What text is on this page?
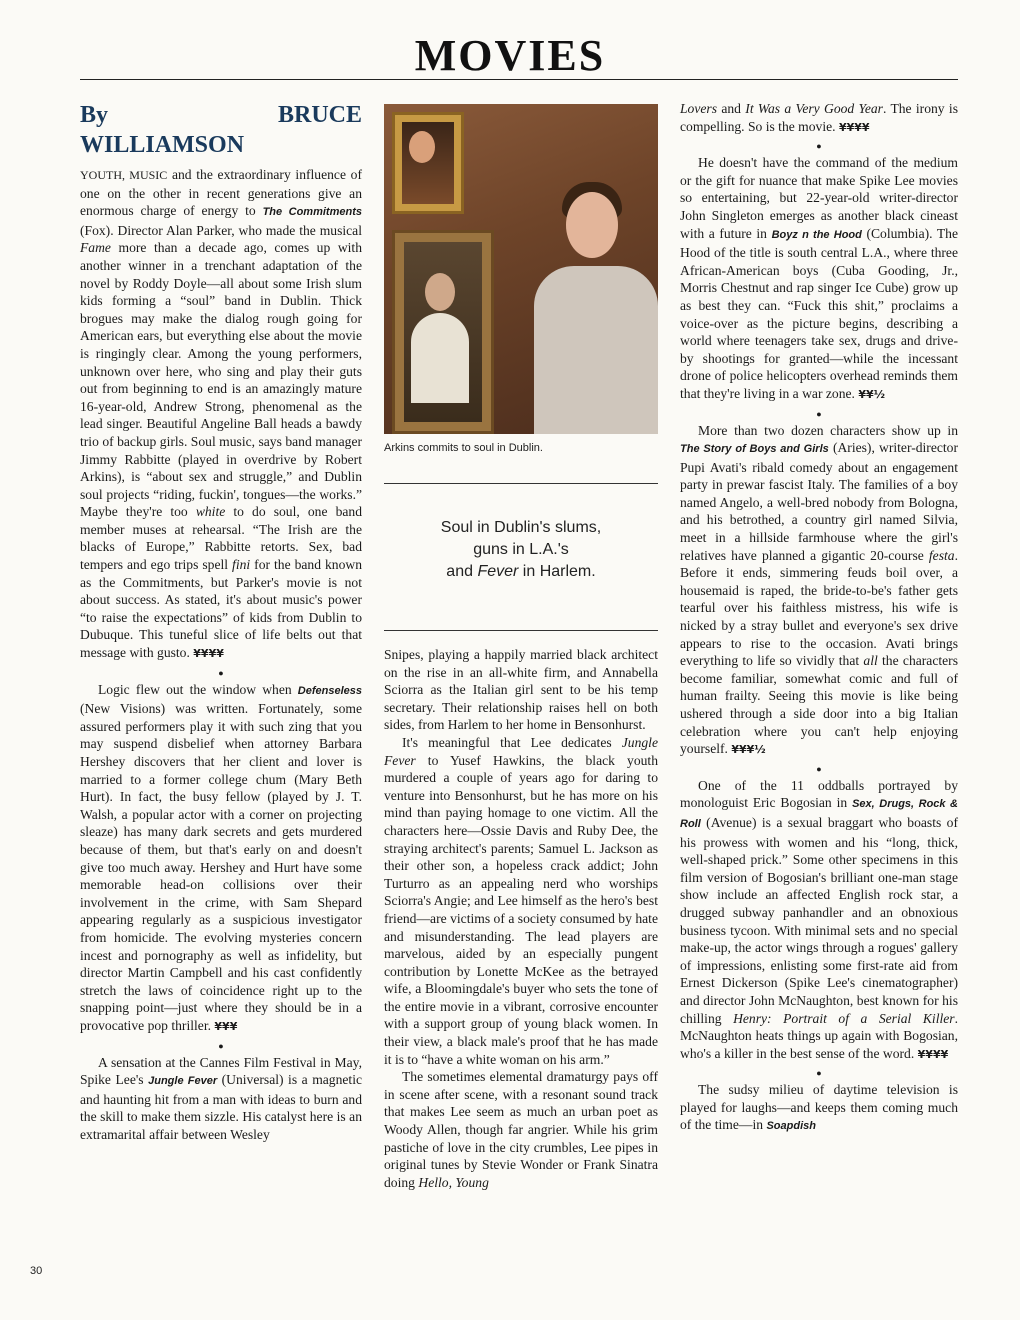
MOVIES
By BRUCE WILLIAMSON

YOUTH, MUSIC and the extraordinary influence of one on the other in recent generations give an enormous charge of energy to The Commitments (Fox). Director Alan Parker, who made the musical Fame more than a decade ago, comes up with another winner in a trenchant adaptation of the novel by Roddy Doyle—all about some Irish slum kids forming a “soul” band in Dublin. Thick brogues may make the dialog rough going for American ears, but everything else about the movie is ringingly clear. Among the young performers, unknown over here, who sing and play their guts out from beginning to end is an amazingly mature 16-year-old, Andrew Strong, phenomenal as the lead singer. Beautiful Angeline Ball heads a bawdy trio of backup girls. Soul music, says band manager Jimmy Rabbitte (played in overdrive by Robert Arkins), is “about sex and struggle,” and Dublin soul projects “riding, fuckin', tongues—the works.” Maybe they're too white to do soul, one band member muses at rehearsal. “The Irish are the blacks of Europe,” Rabbitte retorts. Sex, bad tempers and ego trips spell fini for the band known as the Commitments, but Parker's movie is not about success. As stated, it's about music's power “to raise the expectations” of kids from Dublin to Dubuque. This tuneful slice of life belts out that message with gusto. ¥¥¥¥

●

Logic flew out the window when Defenseless (New Visions) was written. Fortunately, some assured performers play it with such zing that you may suspend disbelief when attorney Barbara Hershey discovers that her client and lover is married to a former college chum (Mary Beth Hurt). In fact, the busy fellow (played by J. T. Walsh, a popular actor with a corner on projecting sleaze) has many dark secrets and gets murdered because of them, but that's early on and doesn't give too much away. Hershey and Hurt have some memorable head-on collisions over their involvement in the crime, with Sam Shepard appearing regularly as a suspicious investigator from homicide. The evolving mysteries concern incest and pornography as well as infidelity, but director Martin Campbell and his cast confidently stretch the laws of coincidence right up to the snapping point—just where they should be in a provocative pop thriller. ¥¥¥

●

A sensation at the Cannes Film Festival in May, Spike Lee's Jungle Fever (Universal) is a magnetic and haunting hit from a man with ideas to burn and the skill to make them sizzle. His catalyst here is an extramarital affair between Wesley

Arkins commits to soul in Dublin.
Soul in Dublin's slums,
guns in L.A.'s
and Fever in Harlem.

Snipes, playing a happily married black architect on the rise in an all-white firm, and Annabella Sciorra as the Italian girl sent to be his temp secretary. Their relationship raises hell on both sides, from Harlem to her home in Bensonhurst.

It's meaningful that Lee dedicates Jungle Fever to Yusef Hawkins, the black youth murdered a couple of years ago for daring to venture into Bensonhurst, but he has more on his mind than paying homage to one victim. All the characters here—Ossie Davis and Ruby Dee, the straying architect's parents; Samuel L. Jackson as their other son, a hopeless crack addict; John Turturro as an appealing nerd who worships Sciorra's Angie; and Lee himself as the hero's best friend—are victims of a society consumed by hate and misunderstanding. The lead players are marvelous, aided by an especially pungent contribution by Lonette McKee as the betrayed wife, a Bloomingdale's buyer who sets the tone of the entire movie in a vibrant, corrosive encounter with a support group of young black women. In their view, a black male's proof that he has made it is to “have a white woman on his arm.”

The sometimes elemental dramaturgy pays off in scene after scene, with a resonant sound track that makes Lee seem as much an urban poet as Woody Allen, though far angrier. While his grim pastiche of love in the city crumbles, Lee pipes in original tunes by Stevie Wonder or Frank Sinatra doing Hello, Young

Lovers and It Was a Very Good Year. The irony is compelling. So is the movie. ¥¥¥¥

●

He doesn't have the command of the medium or the gift for nuance that make Spike Lee movies so entertaining, but 22-year-old writer-director John Singleton emerges as another black cineast with a future in Boyz n the Hood (Columbia). The Hood of the title is south central L.A., where three African-American boys (Cuba Gooding, Jr., Morris Chestnut and rap singer Ice Cube) grow up as best they can. “Fuck this shit,” proclaims a voice-over as the picture begins, describing a world where teenagers take sex, drugs and drive-by shootings for granted—while the incessant drone of police helicopters overhead reminds them that they're living in a war zone. ¥¥½

●

More than two dozen characters show up in The Story of Boys and Girls (Aries), writer-director Pupi Avati's ribald comedy about an engagement party in prewar fascist Italy. The families of a boy named Angelo, a well-bred nobody from Bologna, and his betrothed, a country girl named Silvia, meet in a hillside farmhouse where the girl's relatives have planned a gigantic 20-course festa. Before it ends, simmering feuds boil over, a housemaid is raped, the bride-to-be's father gets tearful over his faithless mistress, his wife is nicked by a stray bullet and everyone's sex drive appears to rise to the occasion. Avati brings everything to life so vividly that all the characters become familiar, somewhat comic and full of human frailty. Seeing this movie is like being ushered through a side door into a big Italian celebration where you can't help enjoying yourself. ¥¥¥½

●

One of the 11 oddballs portrayed by monologuist Eric Bogosian in Sex, Drugs, Rock & Roll (Avenue) is a sexual braggart who boasts of his prowess with women and his “long, thick, well-shaped prick.” Some other specimens in this film version of Bogosian's brilliant one-man stage show include an affected English rock star, a drugged subway panhandler and an obnoxious business tycoon. With minimal sets and no special make-up, the actor wings through a rogues' gallery of impressions, enlisting some first-rate aid from Ernest Dickerson (Spike Lee's cinematographer) and director John McNaughton, best known for his chilling Henry: Portrait of a Serial Killer. McNaughton heats things up again with Bogosian, who's a killer in the best sense of the word. ¥¥¥¥

●

The sudsy milieu of daytime television is played for laughs—and keeps them coming much of the time—in Soapdish

30
